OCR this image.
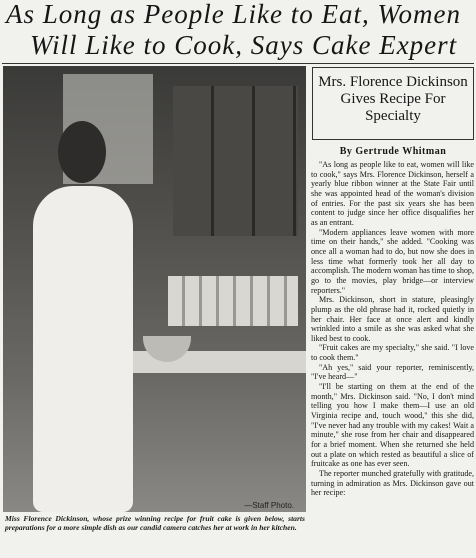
As Long as People Like to Eat, Women
Will Like to Cook, Says Cake Expert
—Staff Photo.
Miss Florence Dickinson, whose prize winning recipe for fruit cake is given below, starts preparations for a more simple dish as our candid camera catches her at work in her kitchen.
Mrs. Florence Dickinson
Gives Recipe For
Specialty
By Gertrude Whitman

"As long as people like to eat, women will like to cook," says Mrs. Florence Dickinson, herself a yearly blue ribbon winner at the State Fair until she was appointed head of the woman's division of entries. For the past six years she has been content to judge since her office disqualifies her as an entrant.

"Modern appliances leave women with more time on their hands," she added. "Cooking was once all a woman had to do, but now she does in less time what formerly took her all day to accomplish. The modern woman has time to shop, go to the movies, play bridge—or interview reporters."

Mrs. Dickinson, short in stature, pleasingly plump as the old phrase had it, rocked quietly in her chair. Her face at once alert and kindly wrinkled into a smile as she was asked what she liked best to cook.

"Fruit cakes are my specialty," she said. "I love to cook them."

"Ah yes," said your reporter, reminiscently, "I've heard—"

"I'll be starting on them at the end of the month," Mrs. Dickinson said. "No, I don't mind telling you how I make them—I use an old Virginia recipe and, touch wood," this she did, "I've never had any trouble with my cakes! Wait a minute," she rose from her chair and disappeared for a brief moment. When she returned she held out a plate on which rested as beautiful a slice of fruitcake as one has ever seen.

The reporter munched gratefully with gratitude, turning in admiration as Mrs. Dickinson gave out her recipe:
